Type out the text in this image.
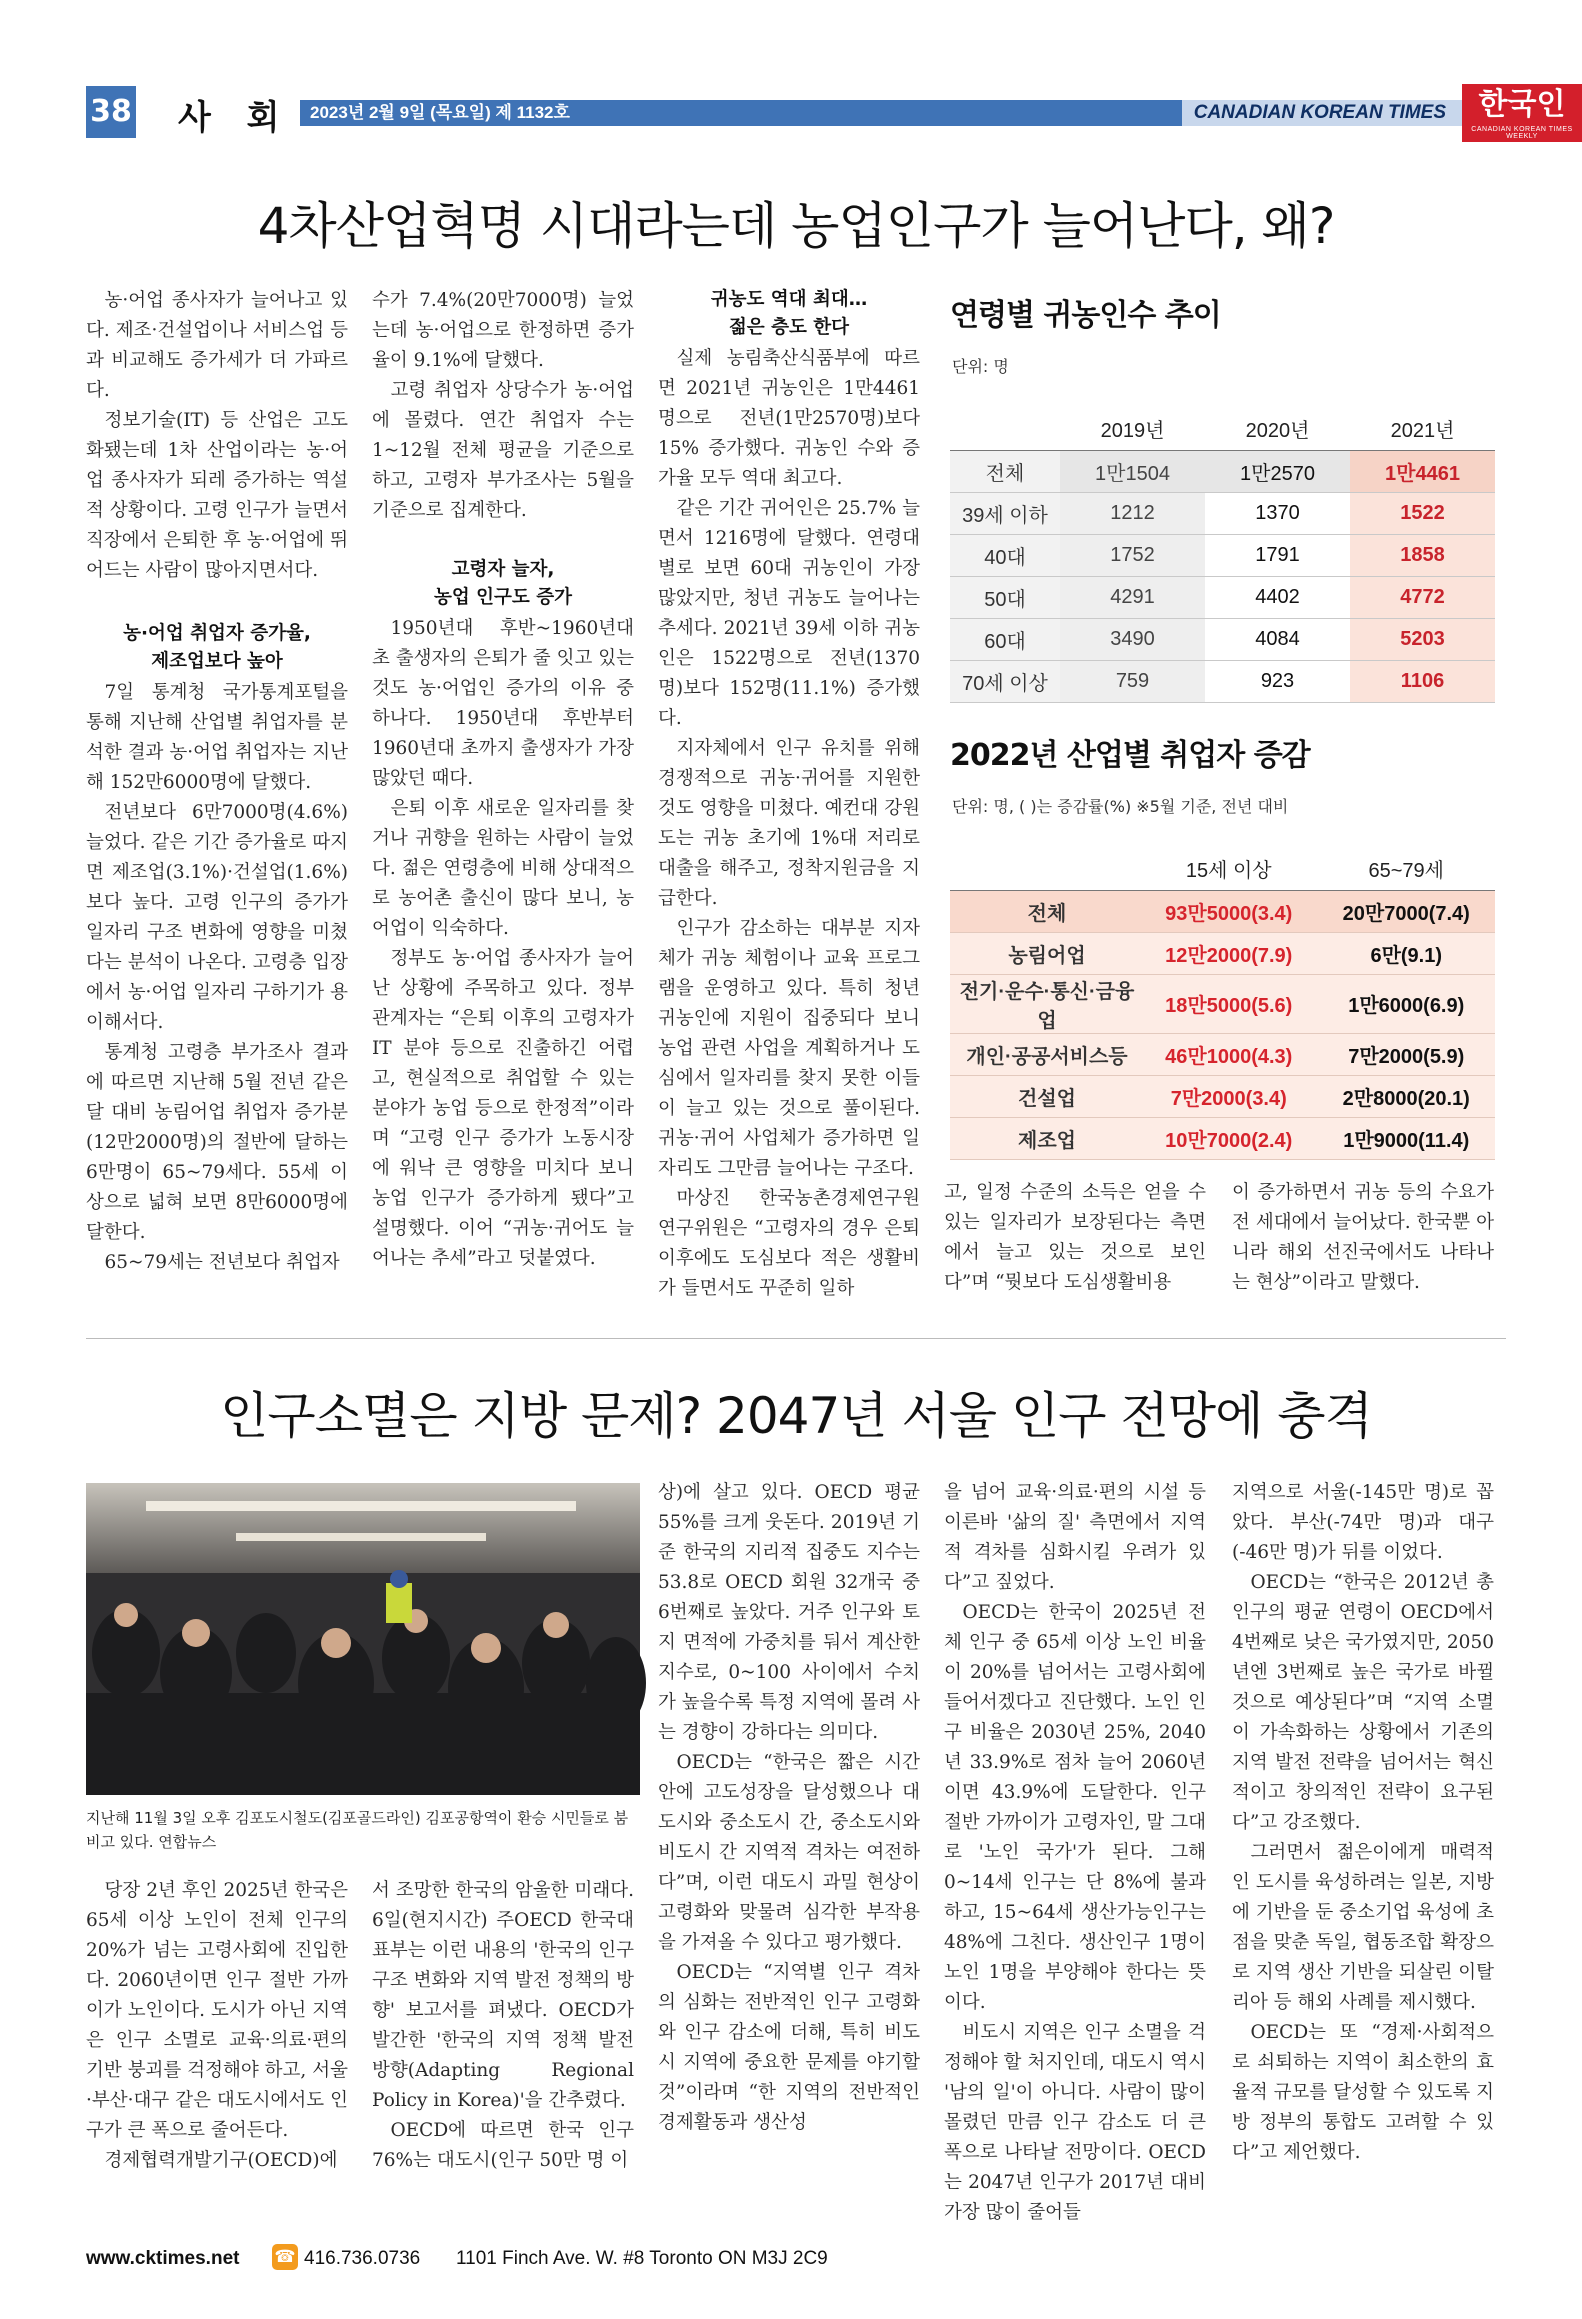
38 사 회	2023년 2월 9일 (목요일) 제 1132호	CANADIAN KOREAN TIMES	한국인
CANADIAN KOREAN TIMES WEEKLY
4차산업혁명 시대라는데 농업인구가 늘어난다, 왜?

농·어업 종사자가 늘어나고 있다. 제조·건설업이나 서비스업 등과 비교해도 증가세가 더 가파르다.

정보기술(IT) 등 산업은 고도화됐는데 1차 산업이라는 농·어업 종사자가 되레 증가하는 역설적 상황이다. 고령 인구가 늘면서 직장에서 은퇴한 후 농·어업에 뛰어드는 사람이 많아지면서다.

농·어업 취업자 증가율,
제조업보다 높아

7일 통계청 국가통계포털을 통해 지난해 산업별 취업자를 분석한 결과 농·어업 취업자는 지난해 152만6000명에 달했다.

전년보다 6만7000명(4.6%) 늘었다. 같은 기간 증가율로 따지면 제조업(3.1%)·건설업(1.6%)보다 높다. 고령 인구의 증가가 일자리 구조 변화에 영향을 미쳤다는 분석이 나온다. 고령층 입장에서 농·어업 일자리 구하기가 용이해서다.

통계청 고령층 부가조사 결과에 따르면 지난해 5월 전년 같은 달 대비 농림어업 취업자 증가분(12만2000명)의 절반에 달하는 6만명이 65~79세다. 55세 이상으로 넓혀 보면 8만6000명에 달한다.

65~79세는 전년보다 취업자

수가 7.4%(20만7000명) 늘었는데 농·어업으로 한정하면 증가율이 9.1%에 달했다.

고령 취업자 상당수가 농·어업에 몰렸다. 연간 취업자 수는 1~12월 전체 평균을 기준으로 하고, 고령자 부가조사는 5월을 기준으로 집계한다.

고령자 늘자,
농업 인구도 증가

1950년대 후반~1960년대 초 출생자의 은퇴가 줄 잇고 있는 것도 농·어업인 증가의 이유 중 하나다. 1950년대 후반부터 1960년대 초까지 출생자가 가장 많았던 때다.

은퇴 이후 새로운 일자리를 찾거나 귀향을 원하는 사람이 늘었다. 젊은 연령층에 비해 상대적으로 농어촌 출신이 많다 보니, 농어업이 익숙하다.

정부도 농·어업 종사자가 늘어난 상황에 주목하고 있다. 정부 관계자는 “은퇴 이후의 고령자가 IT 분야 등으로 진출하긴 어렵고, 현실적으로 취업할 수 있는 분야가 농업 등으로 한정적”이라며 “고령 인구 증가가 노동시장에 워낙 큰 영향을 미치다 보니 농업 인구가 증가하게 됐다”고 설명했다. 이어 “귀농·귀어도 늘어나는 추세”라고 덧붙였다.

귀농도 역대 최대…
젊은 층도 한다

실제 농림축산식품부에 따르면 2021년 귀농인은 1만4461명으로 전년(1만2570명)보다 15% 증가했다. 귀농인 수와 증가율 모두 역대 최고다.

같은 기간 귀어인은 25.7% 늘면서 1216명에 달했다. 연령대별로 보면 60대 귀농인이 가장 많았지만, 청년 귀농도 늘어나는 추세다. 2021년 39세 이하 귀농인은 1522명으로 전년(1370명)보다 152명(11.1%) 증가했다.

지자체에서 인구 유치를 위해 경쟁적으로 귀농·귀어를 지원한 것도 영향을 미쳤다. 예컨대 강원도는 귀농 초기에 1%대 저리로 대출을 해주고, 정착지원금을 지급한다.

인구가 감소하는 대부분 지자체가 귀농 체험이나 교육 프로그램을 운영하고 있다. 특히 청년 귀농인에 지원이 집중되다 보니 농업 관련 사업을 계획하거나 도심에서 일자리를 찾지 못한 이들이 늘고 있는 것으로 풀이된다. 귀농·귀어 사업체가 증가하면 일자리도 그만큼 늘어나는 구조다.

마상진 한국농촌경제연구원 연구위원은 “고령자의 경우 은퇴 이후에도 도심보다 적은 생활비가 들면서도 꾸준히 일하

연령별 귀농인수 추이
단위: 명
	2019년	2020년	2021년
전체	1만1504	1만2570	1만4461
39세 이하	1212	1370	1522
40대	1752	1791	1858
50대	4291	4402	4772
60대	3490	4084	5203
70세 이상	759	923	1106
2022년 산업별 취업자 증감
단위: 명, ( )는 증감률(%) ※5월 기준, 전년 대비
	15세 이상	65~79세
전체	93만5000(3.4)	20만7000(7.4)
농림어업	12만2000(7.9)	6만(9.1)
전기·운수·통신·금융업	18만5000(5.6)	1만6000(6.9)
개인·공공서비스등	46만1000(4.3)	7만2000(5.9)
건설업	7만2000(3.4)	2만8000(20.1)
제조업	10만7000(2.4)	1만9000(11.4)

고, 일정 수준의 소득은 얻을 수 있는 일자리가 보장된다는 측면에서 늘고 있는 것으로 보인다”며 “뭣보다 도심생활비용

이 증가하면서 귀농 등의 수요가 전 세대에서 늘어났다. 한국뿐 아니라 해외 선진국에서도 나타나는 현상”이라고 말했다.

인구소멸은 지방 문제? 2047년 서울 인구 전망에 충격
지난해 11월 3일 오후 김포도시철도(김포골드라인) 김포공항역이 환승 시민들로 붐비고 있다. 연합뉴스

당장 2년 후인 2025년 한국은 65세 이상 노인이 전체 인구의 20%가 넘는 고령사회에 진입한다. 2060년이면 인구 절반 가까이가 노인이다. 도시가 아닌 지역은 인구 소멸로 교육·의료·편의 기반 붕괴를 걱정해야 하고, 서울·부산·대구 같은 대도시에서도 인구가 큰 폭으로 줄어든다.

경제협력개발기구(OECD)에

서 조망한 한국의 암울한 미래다. 6일(현지시간) 주OECD 한국대표부는 이런 내용의 '한국의 인구구조 변화와 지역 발전 정책의 방향' 보고서를 펴냈다. OECD가 발간한 '한국의 지역 정책 발전 방향(Adapting Regional Policy in Korea)'을 간추렸다.

OECD에 따르면 한국 인구 76%는 대도시(인구 50만 명 이

상)에 살고 있다. OECD 평균 55%를 크게 웃돈다. 2019년 기준 한국의 지리적 집중도 지수는 53.8로 OECD 회원 32개국 중 6번째로 높았다. 거주 인구와 토지 면적에 가중치를 둬서 계산한 지수로, 0~100 사이에서 수치가 높을수록 특정 지역에 몰려 사는 경향이 강하다는 의미다.

OECD는 “한국은 짧은 시간 안에 고도성장을 달성했으나 대도시와 중소도시 간, 중소도시와 비도시 간 지역적 격차는 여전하다”며, 이런 대도시 과밀 현상이 고령화와 맞물려 심각한 부작용을 가져올 수 있다고 평가했다.

OECD는 “지역별 인구 격차의 심화는 전반적인 인구 고령화와 인구 감소에 더해, 특히 비도시 지역에 중요한 문제를 야기할 것”이라며 “한 지역의 전반적인 경제활동과 생산성

을 넘어 교육·의료·편의 시설 등 이른바 '삶의 질' 측면에서 지역적 격차를 심화시킬 우려가 있다”고 짚었다.

OECD는 한국이 2025년 전체 인구 중 65세 이상 노인 비율이 20%를 넘어서는 고령사회에 들어서겠다고 진단했다. 노인 인구 비율은 2030년 25%, 2040년 33.9%로 점차 늘어 2060년이면 43.9%에 도달한다. 인구 절반 가까이가 고령자인, 말 그대로 '노인 국가'가 된다. 그해 0~14세 인구는 단 8%에 불과하고, 15~64세 생산가능인구는 48%에 그친다. 생산인구 1명이 노인 1명을 부양해야 한다는 뜻이다.

비도시 지역은 인구 소멸을 걱정해야 할 처지인데, 대도시 역시 '남의 일'이 아니다. 사람이 많이 몰렸던 만큼 인구 감소도 더 큰 폭으로 나타날 전망이다. OECD는 2047년 인구가 2017년 대비 가장 많이 줄어들

지역으로 서울(-145만 명)로 꼽았다. 부산(-74만 명)과 대구(-46만 명)가 뒤를 이었다.

OECD는 “한국은 2012년 총인구의 평균 연령이 OECD에서 4번째로 낮은 국가였지만, 2050년엔 3번째로 높은 국가로 바뀔 것으로 예상된다”며 “지역 소멸이 가속화하는 상황에서 기존의 지역 발전 전략을 넘어서는 혁신적이고 창의적인 전략이 요구된다”고 강조했다.

그러면서 젊은이에게 매력적인 도시를 육성하려는 일본, 지방에 기반을 둔 중소기업 육성에 초점을 맞춘 독일, 협동조합 확장으로 지역 생산 기반을 되살린 이탈리아 등 해외 사례를 제시했다.

OECD는 또 “경제·사회적으로 쇠퇴하는 지역이 최소한의 효율적 규모를 달성할 수 있도록 지방 정부의 통합도 고려할 수 있다”고 제언했다.

www.cktimes.net ☎ 416.736.0736 1101 Finch Ave. W. #8 Toronto ON M3J 2C9
